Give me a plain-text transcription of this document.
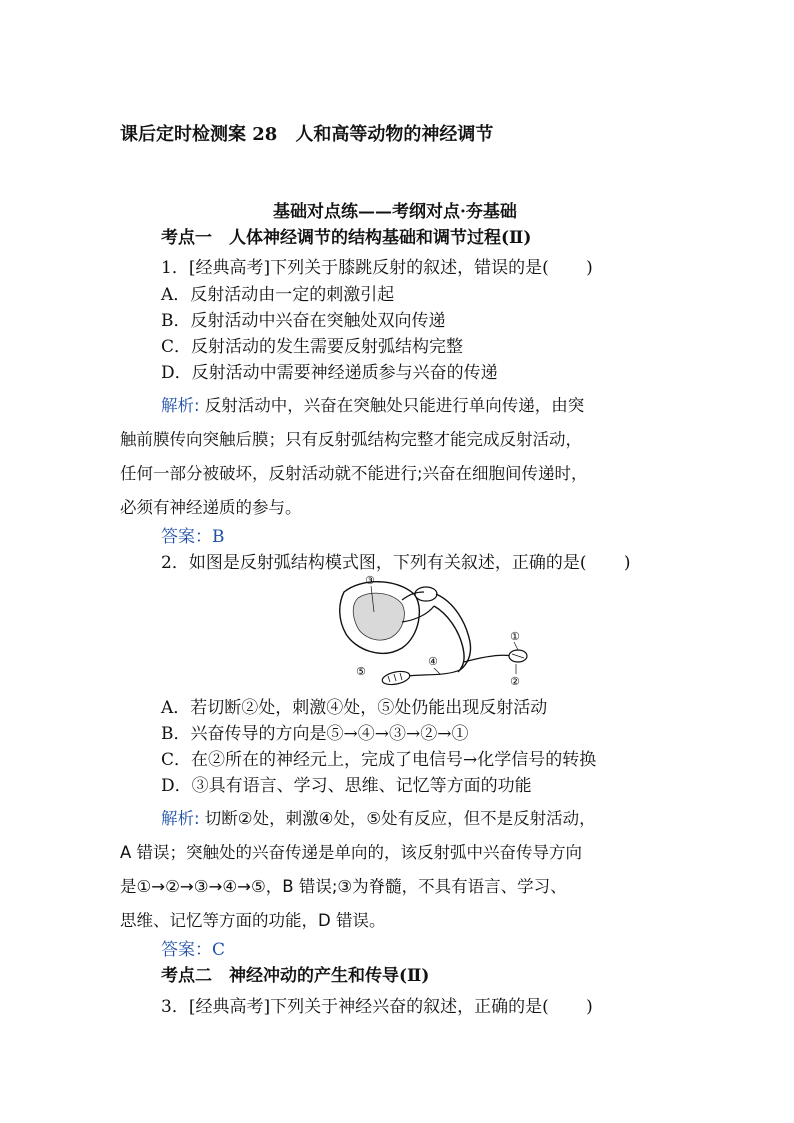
课后定时检测案 28　人和高等动物的神经调节
基础对点练——考纲对点·夯基础
考点一　人体神经调节的结构基础和调节过程(Ⅱ)
1．[经典高考]下列关于膝跳反射的叙述，错误的是( )
A．反射活动由一定的刺激引起
B．反射活动中兴奋在突触处双向传递
C．反射活动的发生需要反射弧结构完整
D．反射活动中需要神经递质参与兴奋的传递
解析: 反射活动中，兴奋在突触处只能进行单向传递，由突
触前膜传向突触后膜；只有反射弧结构完整才能完成反射活动，
任何一部分被破坏，反射活动就不能进行;兴奋在细胞间传递时，
必须有神经递质的参与。
答案：B
2．如图是反射弧结构模式图，下列有关叙述，正确的是( )
③
①
④
⑤
②
A．若切断②处，刺激④处，⑤处仍能出现反射活动
B．兴奋传导的方向是⑤→④→③→②→①
C．在②所在的神经元上，完成了电信号→化学信号的转换
D．③具有语言、学习、思维、记忆等方面的功能
解析: 切断②处，刺激④处，⑤处有反应，但不是反射活动，
A 错误；突触处的兴奋传递是单向的，该反射弧中兴奋传导方向
是①→②→③→④→⑤，B 错误;③为脊髓，不具有语言、学习、
思维、记忆等方面的功能，D 错误。
答案：C
考点二　神经冲动的产生和传导(Ⅱ)
3．[经典高考]下列关于神经兴奋的叙述，正确的是( )
